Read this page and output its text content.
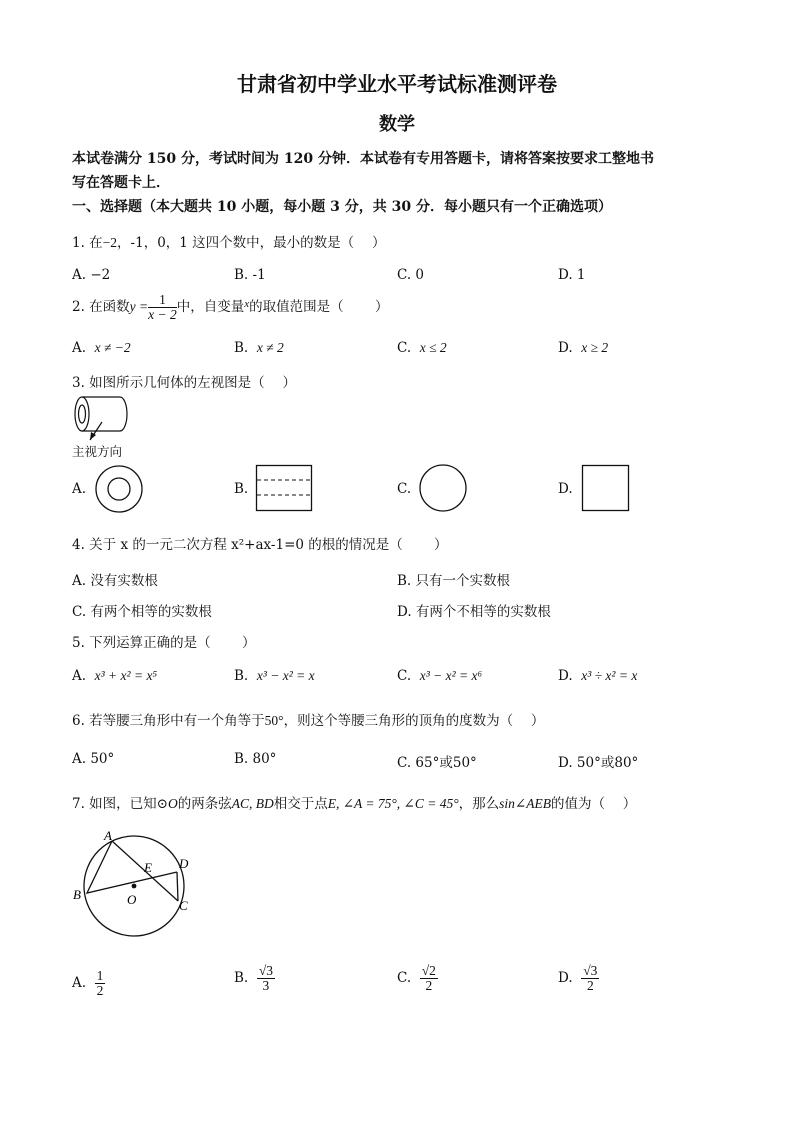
甘肃省初中学业水平考试标准测评卷
数学
本试卷满分 150 分，考试时间为 120 分钟．本试卷有专用答题卡，请将答案按要求工整地书
写在答题卡上．
一、选择题（本大题共 10 小题，每小题 3 分，共 30 分．每小题只有一个正确选项）
1. 在−2，-1，0，1 这四个数中，最小的数是（　 ）
A. −2	B. -1	C. 0	D. 1
2. 在函数$y = \frac{1}{x - 2}$ 中，自变量$^x$的取值范围是（　　 ）
A. x ≠ −2	B. x ≠ 2	C. x ≤ 2	D. x ≥ 2
3. 如图所示几何体的左视图是（　 ）
主视方向
A.	B.	C.	D.
4. 关于 x 的一元二次方程 x²+ax-1=0 的根的情况是（　　 ）
A. 没有实数根	B. 只有一个实数根
C. 有两个相等的实数根	D. 有两个不相等的实数根
5. 下列运算正确的是（　　 ）
A. x³ + x² = x⁵	B. x³ − x² = x	C. x³ − x² = x⁶	D. x³ ÷ x² = x
6. 若等腰三角形中有一个角等于50°，则这个等腰三角形的顶角的度数为（　 ）
A. 50°	B. 80°	C. 65°或50°	D. 50°或80°
7. 如图，已知⊙O的两条弦AC, BD相交于点E, ∠A = 75°, ∠C = 45°，那么sin∠AEB的值为（　 ）
A
B
C
D
E
O
A. $\frac{1}{2}$	B. $\frac{√3}{3}$	C. $\frac{√2}{2}$	D. $\frac{√3}{2}$
